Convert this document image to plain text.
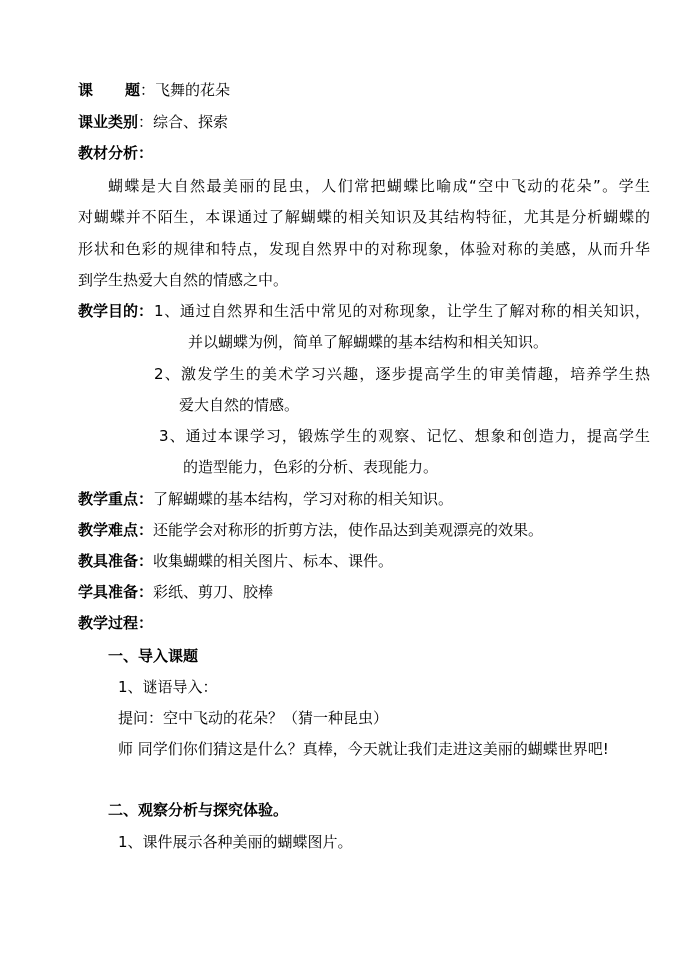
课 题：飞舞的花朵
课业类别：综合、探索
教材分析：
蝴蝶是大自然最美丽的昆虫，人们常把蝴蝶比喻成“空中飞动的花朵”。学生
对蝴蝶并不陌生，本课通过了解蝴蝶的相关知识及其结构特征，尤其是分析蝴蝶的
形状和色彩的规律和特点，发现自然界中的对称现象，体验对称的美感，从而升华
到学生热爱大自然的情感之中。
教学目的： 1、通过自然界和生活中常见的对称现象，让学生了解对称的相关知识，
并以蝴蝶为例，简单了解蝴蝶的基本结构和相关知识。
2、激发学生的美术学习兴趣，逐步提高学生的审美情趣，培养学生热
爱大自然的情感。
3、通过本课学习，锻炼学生的观察、记忆、想象和创造力，提高学生
的造型能力，色彩的分析、表现能力。
教学重点：了解蝴蝶的基本结构，学习对称的相关知识。
教学难点：还能学会对称形的折剪方法，使作品达到美观漂亮的效果。
教具准备：收集蝴蝶的相关图片、标本、课件。
学具准备：彩纸、剪刀、胶棒
教学过程：
一、导入课题
1、谜语导入：
提问：空中飞动的花朵？（猜一种昆虫）
师 同学们你们猜这是什么？真棒，今天就让我们走进这美丽的蝴蝶世界吧!
二、观察分析与探究体验。
1、课件展示各种美丽的蝴蝶图片。
